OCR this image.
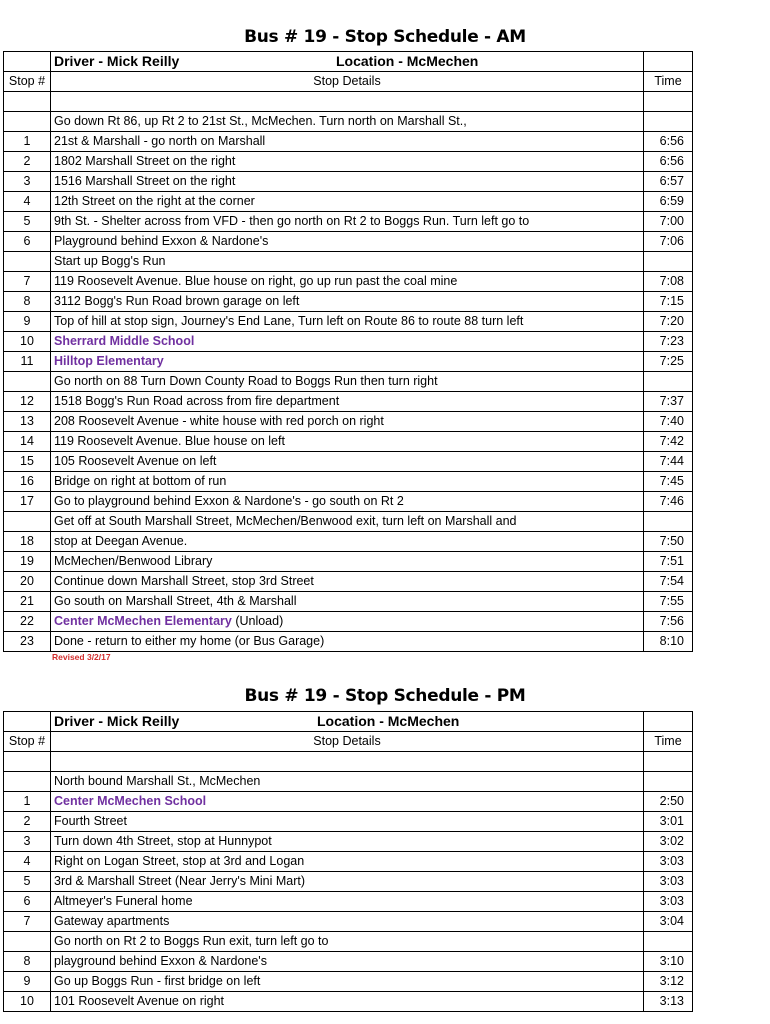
Bus # 19 - Stop Schedule - AM
	Driver - Mick Reilly Location - McMechen	

Stop #	Stop Details	Time

	Go down Rt 86, up Rt 2 to 21st St., McMechen. Turn north on Marshall St.,	
1	21st & Marshall - go north on Marshall	6:56
2	1802 Marshall Street on the right	6:56
3	1516 Marshall Street on the right	6:57
4	12th Street on the right at the corner	6:59
5	9th St. - Shelter across from VFD - then go north on Rt 2 to Boggs Run. Turn left go to	7:00
6	Playground behind Exxon & Nardone's	7:06
	Start up Bogg's Run	
7	119 Roosevelt Avenue. Blue house on right, go up run past the coal mine	7:08
8	3112 Bogg's Run Road brown garage on left	7:15
9	Top of hill at stop sign, Journey's End Lane, Turn left on Route 86 to route 88 turn left	7:20
10	Sherrard Middle School	7:23
11	Hilltop Elementary	7:25
	Go north on 88 Turn Down County Road to Boggs Run then turn right	
12	1518 Bogg's Run Road across from fire department	7:37
13	208 Roosevelt Avenue - white house with red porch on right	7:40
14	119 Roosevelt Avenue. Blue house on left	7:42
15	105 Roosevelt Avenue on left	7:44
16	Bridge on right at bottom of run	7:45
17	Go to playground behind Exxon & Nardone's - go south on Rt 2	7:46
	Get off at South Marshall Street, McMechen/Benwood exit, turn left on Marshall and	
18	stop at Deegan Avenue.	7:50
19	McMechen/Benwood Library	7:51
20	Continue down Marshall Street, stop 3rd Street	7:54
21	Go south on Marshall Street, 4th & Marshall	7:55
22	Center McMechen Elementary (Unload)	7:56
23	Done - return to either my home (or Bus Garage)	8:10
Revised 3/2/17
Bus # 19 - Stop Schedule - PM
	Driver - Mick Reilly Location - McMechen	

Stop #	Stop Details	Time

	North bound Marshall St., McMechen	
1	Center McMechen School	2:50
2	Fourth Street	3:01
3	Turn down 4th Street, stop at Hunnypot	3:02
4	Right on Logan Street, stop at 3rd and Logan	3:03
5	3rd & Marshall Street (Near Jerry's Mini Mart)	3:03
6	Altmeyer's Funeral home	3:03
7	Gateway apartments	3:04
	Go north on Rt 2 to Boggs Run exit, turn left go to	
8	playground behind Exxon & Nardone's	3:10
9	Go up Boggs Run - first bridge on left	3:12
10	101 Roosevelt Avenue on right	3:13
